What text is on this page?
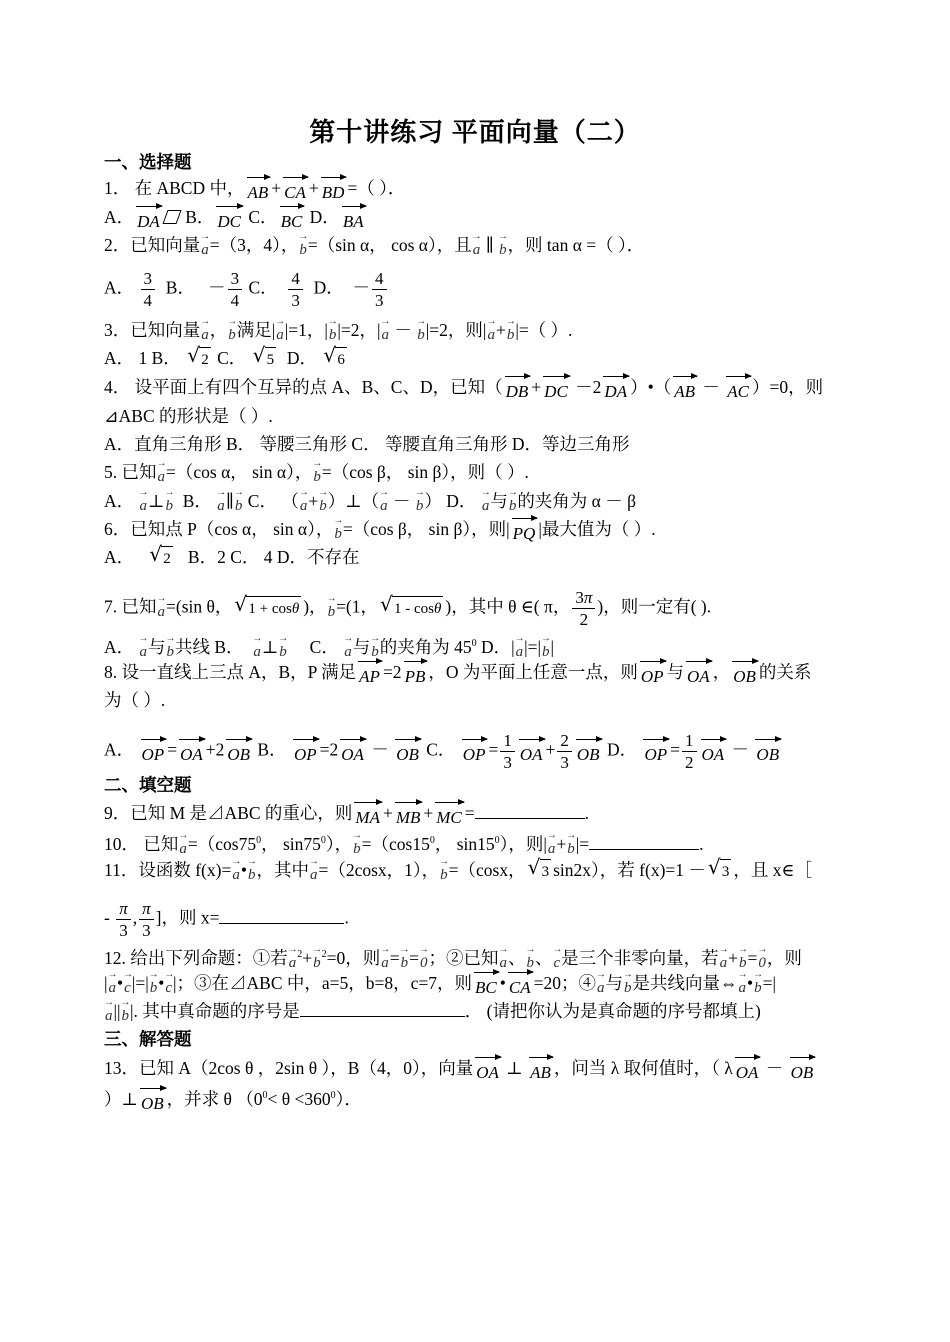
第十讲练习 平面向量（二）
一、选择题
1． 在 ABCD 中， AB + CA + BD =（ ）．
A． DA B． DC C． BC D． BA
2．已知向量→ a=（3，4），→ b=（sin α， cos α），且→ a ∥ → b，则 tan α =（ ）．
A． $\frac{3}{4}$ B．   － $\frac{3}{4}$ C． $\frac{4}{3}$ D．  － $\frac{4}{3}$
3．已知向量→ a，→ b满足|→ a|=1，|→ b|=2，|→ a － → b|=2，则|→ a+→ b|=（ ）.
A． 1 B． √ 2 C． √ 5 D． √ 6
4． 设平面上有四个互异的点 A、B、C、D，已知（ DB + DC －2 DA ）•（ AB － AC ）=0，则
⊿ABC 的形状是（ ）.
A．直角三角形 B． 等腰三角形 C． 等腰直角三角形 D．等边三角形
5. 已知→ a=（cos α， sin α），→ b=（cos β， sin β），则（ ）.
A． → a⊥→ b B． → a∥→ b C． （→ a+→ b）⊥（→ a － → b） D． → a与→ b的夹角为 α － β
6．已知点 P（cos α， sin α），→ b=（cos β， sin β），则| PQ |最大值为（ ）.
A． √ 2 B．2 C． 4 D．不存在
7. 已知→ a=(sin θ， √ 1 + cosθ )，→ b=(1， √ 1 - cosθ )，其中 θ ∈( π， $\frac{3\pi}{2}$ )，则一定有( ).
A． → a与→ b共线 B． → a⊥→ b C． → a与→ b的夹角为 $45^0$ D．|→ a|=|→ b|
8. 设一直线上三点 A，B，P 满足 AP =2 PB ，O 为平面上任意一点，则 OP 与 OA ， OB 的关系
为（ ）.
A． OP = OA +2 OB B． OP =2 OA － OB C． OP = $\frac{1}{3}$ OA + $\frac{2}{3}$ OB D． OP = $\frac{1}{2}$ OA － OB
二、填空题
9．已知 M 是⊿ABC 的重心，则 MA + MB + MC =	.
10． 已知→ $a=(\cos 75^0$， $\sin 75^0$），→ $b=(\cos 15^0$， $\sin 15^0$），则|→ a+→ b|=	.
11．设函数 f(x)=→ a•→ b，其中→ a=（2cosx，1），→ b=（cosx， √ 3 sin2x），若 f(x)=1 － √ 3 ，且 x∈［
- $\frac{\pi}{3}$ , $\frac{\pi}{3}$ ]，则 x=	.
12. 给出下列命题：①若→ $a^2+\to b^2=0$，则→ a=→ b=→ 0；②已知→ a、→ b、→ c是三个非零向量，若→ a+→ b=→ 0，则
|→ a•→ c|=|→ b•→ c|；③在⊿ABC 中，a=5，b=8，c=7，则 BC • CA =20；④→ a与→ b是共线向量⇔→ a•→ b=|
→ a||→ b|. 其中真命题的序号是	． (请把你认为是真命题的序号都填上)
三、解答题
13．已知 A（2cos θ ，2sin θ ），B（4，0），向量 OA ⊥ AB ，问当 λ 取何值时，（ λ OA － OB
）⊥ OB ，并求 θ $(0^0< \theta <360^0)$．
